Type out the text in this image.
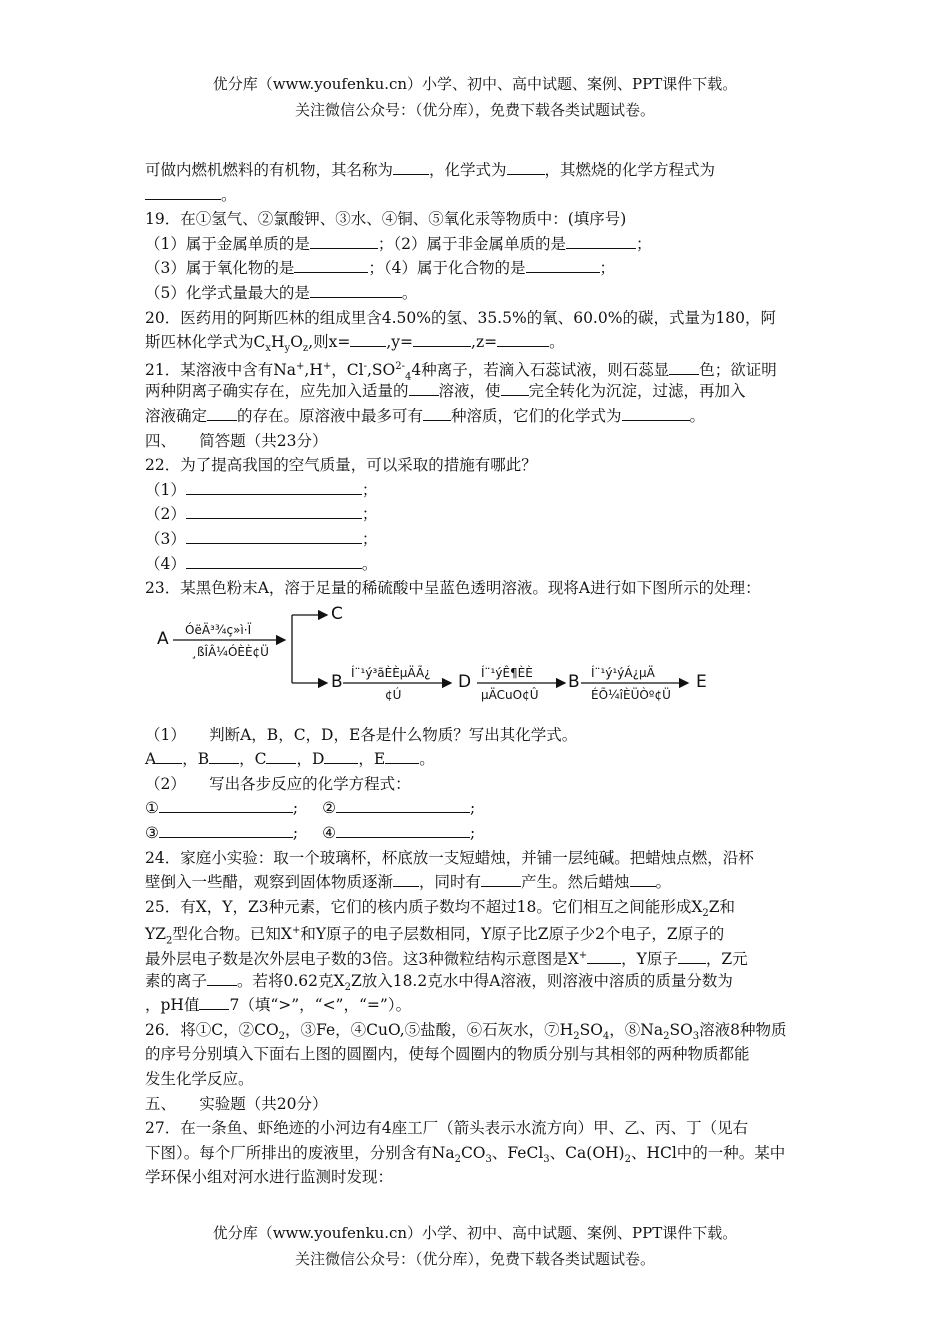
优分库（www.youfenku.cn）小学、初中、高中试题、案例、PPT课件下载。
关注微信公众号：（优分库），免费下载各类试题试卷。
可做内燃机燃料的有机物，其名称为 ，化学式为 ，其燃烧的化学方程式为
。
19．在①氢气、②氯酸钾、③水、④铜、⑤氧化汞等物质中：(填序号)
（1）属于金属单质的是	；（2）属于非金属单质的是	；
（3）属于氧化物的是	；（4）属于化合物的是	；
（5）化学式量最大的是	。
20．医药用的阿斯匹林的组成里含4.50%的氢、35.5%的氧、60.0%的碳，式量为180，阿
斯匹林化学式为$C_xH_yO_z$,则x= ,y=	,z=	。
21．某溶液中含有Na+,H+，$Cl^-,SO^{2-}_44$种离子，若滴入石蕊试液，则石蕊显 色；欲证明
两种阴离子确实存在，应先加入适量的 溶液，使 完全转化为沉淀，过滤，再加入
溶液确定 的存在。原溶液中最多可有 种溶质，它们的化学式为	。
四、　　简答题（共23分）
22．为了提高我国的空气质量，可以采取的措施有哪此？
（1）	；
（2）	；
（3）	；
（4）	。
23．某黑色粉末A，溶于足量的稀硫酸中呈蓝色透明溶液。现将A进行如下图所示的处理：
A
C
B	D	B	E
ÓëÄ³¾ç»ì·Ï
¸ßÎÂ¼ÓÈÈ¢Ü
Í¨¹ý³ãÈÈµÄÃ¿
¢Ú
Í¨¹ýÊ¶ÈÈ
µÄCuO¢Û
Í¨¹ý¹ýÁ¿µÄ
ÉÕ¼îÈÜÒº¢Ü
（1）　　判断A，B，C，D，E各是什么物质？写出其化学式。
A ，B ，C ，D ，E 。
（2）　　写出各步反应的化学方程式：
①	; ②	;
③	; ④	;
24．家庭小实验：取一个玻璃杯，杯底放一支短蜡烛，并铺一层纯碱。把蜡烛点燃，沿杯
壁倒入一些醋，观察到固体物质逐渐 ，同时有	产生。然后蜡烛 。
25．有X，Y，Z3种元素，它们的核内质子数均不超过18。它们相互之间能形成$X_2Z$和
$YZ_2$型化合物。已知X+和Y原子的电子层数相同，Y原子比Z原子少2个电子，Z原子的
最外层电子数是次外层电子数的3倍。这3种微粒结构示意图是X+ ，Y原子 ，Z元
素的离子 。若将0.62克$X_2Z$放入18.2克水中得A溶液，则溶液中溶质的质量分数为
，pH值 7（填“>”，“<”，“=”）。
26．将①C，$②CO_2$，③Fe，④CuO,⑤盐酸，⑥石灰水，$⑦H_2SO_4$，$⑧Na_2SO_3$溶液8种物质
的序号分别填入下面右上图的圆圈内，使每个圆圈内的物质分别与其相邻的两种物质都能
发生化学反应。
五、　　实验题（共20分）
27．在一条鱼、虾绝迹的小河边有4座工厂（箭头表示水流方向）甲、乙、丙、丁（见右
下图）。每个厂所排出的废液里，分别含有$Na_2CO_3$、FeCl$_3$、$Ca(OH)_2$、HCl中的一种。某中
学环保小组对河水进行监测时发现：
优分库（www.youfenku.cn）小学、初中、高中试题、案例、PPT课件下载。
关注微信公众号：（优分库），免费下载各类试题试卷。
